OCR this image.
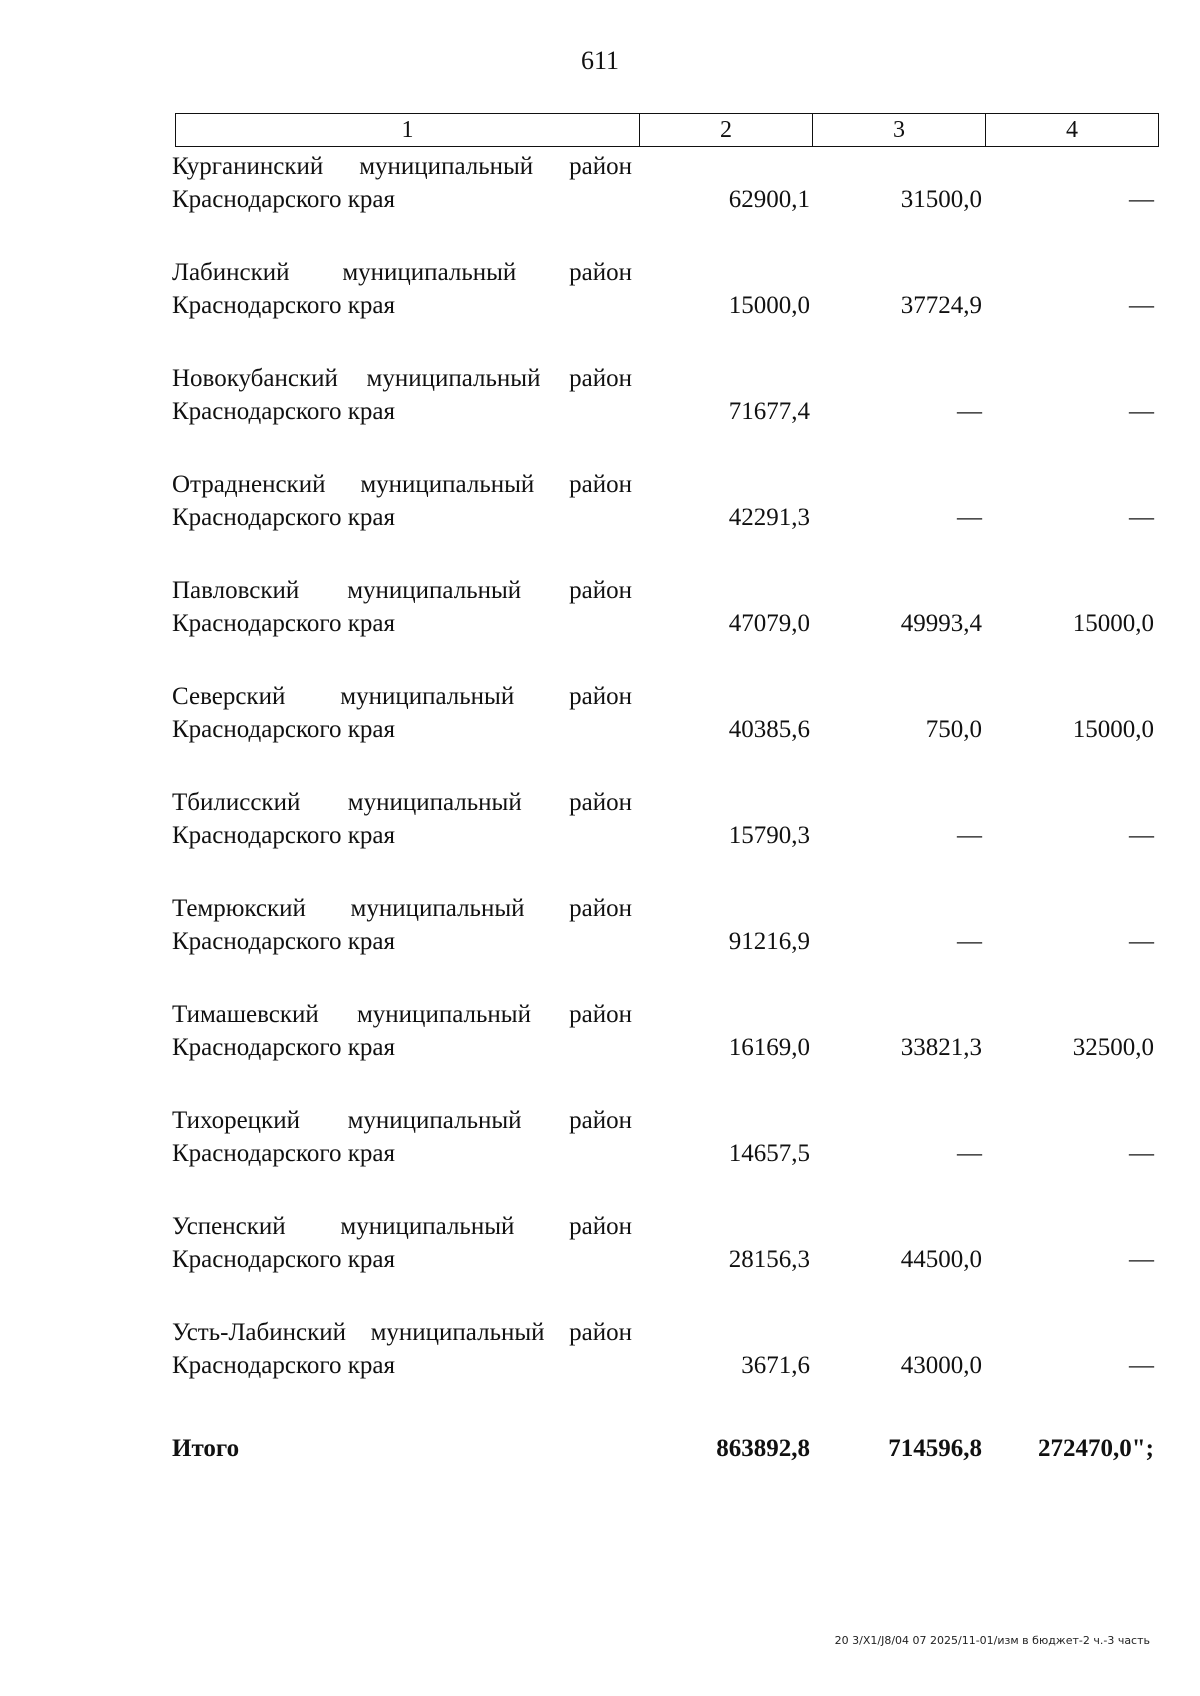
611
1	2	3	4
Курганинский муниципальный район Краснодарского края	62900,1	31500,0	—
Лабинский муниципальный район Краснодарского края	15000,0	37724,9	—
Новокубанский муниципальный район Краснодарского края	71677,4	—	—
Отрадненский муниципальный район Краснодарского края	42291,3	—	—
Павловский муниципальный район Краснодарского края	47079,0	49993,4	15000,0
Северский муниципальный район Краснодарского края	40385,6	750,0	15000,0
Тбилисский муниципальный район Краснодарского края	15790,3	—	—
Темрюкский муниципальный район Краснодарского края	91216,9	—	—
Тимашевский муниципальный район Краснодарского края	16169,0	33821,3	32500,0
Тихорецкий муниципальный район Краснодарского края	14657,5	—	—
Успенский муниципальный район Краснодарского края	28156,3	44500,0	—
Усть-Лабинский муниципальный район Краснодарского края	3671,6	43000,0	—
Итого	863892,8	714596,8	272470,0";
20 3/X1/J8/04 07 2025/11-01/изм в бюджет-2 ч.-3 часть
